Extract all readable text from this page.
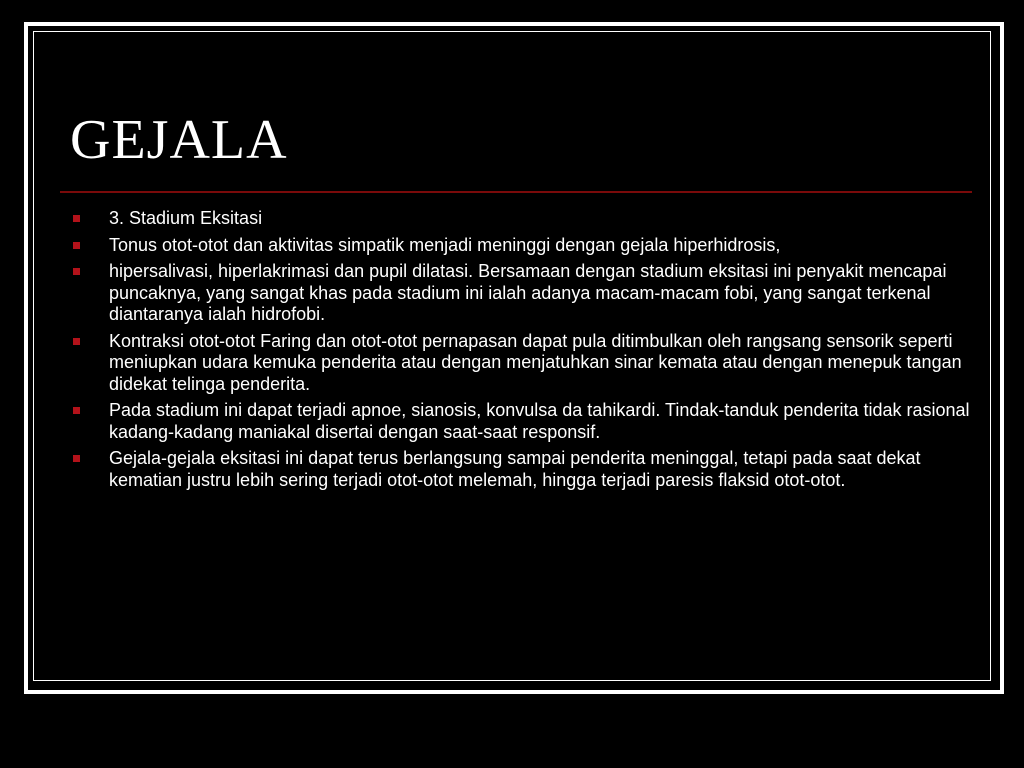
GEJALA
3. Stadium Eksitasi
Tonus otot-otot dan aktivitas simpatik menjadi meninggi dengan gejala hiperhidrosis,
hipersalivasi, hiperlakrimasi dan pupil dilatasi. Bersamaan dengan stadium eksitasi ini penyakit mencapai puncaknya, yang sangat khas pada stadium ini ialah adanya macam-macam fobi, yang sangat terkenal diantaranya ialah hidrofobi.
Kontraksi otot-otot Faring dan otot-otot pernapasan dapat pula ditimbulkan oleh rangsang sensorik seperti meniupkan udara kemuka penderita atau dengan menjatuhkan sinar kemata atau dengan menepuk tangan didekat telinga penderita.
Pada stadium ini dapat terjadi apnoe, sianosis, konvulsa da tahikardi. Tindak-tanduk penderita tidak rasional kadang-kadang maniakal disertai dengan saat-saat responsif.
Gejala-gejala eksitasi ini dapat terus berlangsung sampai penderita meninggal, tetapi pada saat dekat kematian justru lebih sering terjadi otot-otot melemah, hingga terjadi paresis flaksid otot-otot.
